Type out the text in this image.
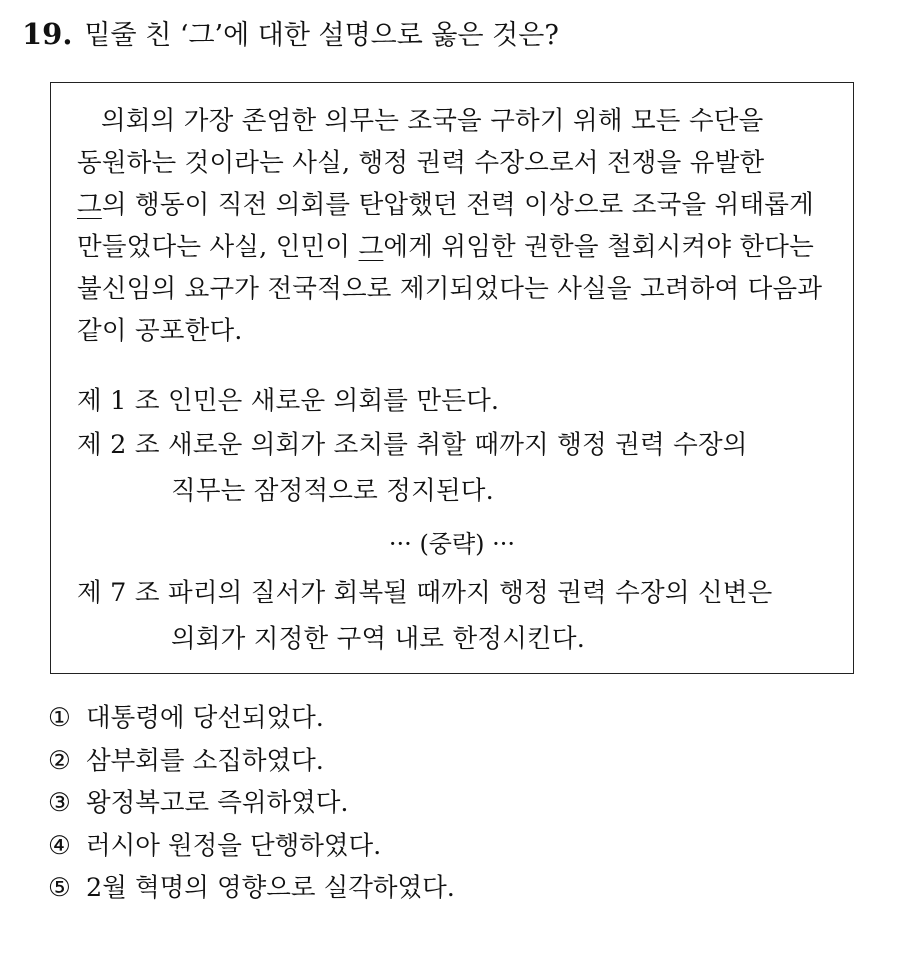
19. 밑줄 친 ‘그’에 대한 설명으로 옳은 것은?
의회의 가장 존엄한 의무는 조국을 구하기 위해 모든 수단을
동원하는 것이라는 사실, 행정 권력 수장으로서 전쟁을 유발한
그의 행동이 직전 의회를 탄압했던 전력 이상으로 조국을 위태롭게
만들었다는 사실, 인민이 그에게 위임한 권한을 철회시켜야 한다는
불신임의 요구가 전국적으로 제기되었다는 사실을 고려하여 다음과
같이 공포한다.
제 1 조 인민은 새로운 의회를 만든다.
제 2 조 새로운 의회가 조치를 취할 때까지 행정 권력 수장의
직무는 잠정적으로 정지된다.
··· (중략) ···
제 7 조 파리의 질서가 회복될 때까지 행정 권력 수장의 신변은
의회가 지정한 구역 내로 한정시킨다.
① 대통령에 당선되었다.
② 삼부회를 소집하였다.
③ 왕정복고로 즉위하였다.
④ 러시아 원정을 단행하였다.
⑤ 2월 혁명의 영향으로 실각하였다.
